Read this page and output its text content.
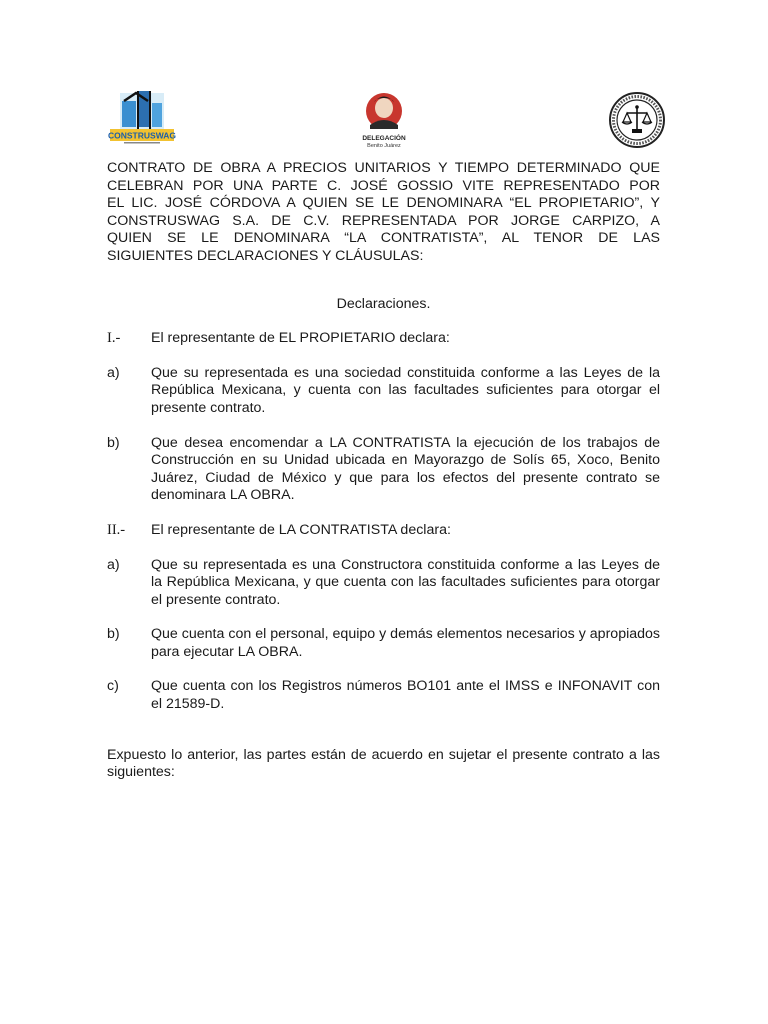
CONSTRUSWAG	DELEGACIÓN
Benito Juárez
CONTRATO DE OBRA A PRECIOS UNITARIOS Y TIEMPO DETERMINADO QUE
CELEBRAN POR UNA PARTE C. JOSÉ GOSSIO VITE REPRESENTADO POR
EL LIC. JOSÉ CÓRDOVA A QUIEN SE LE DENOMINARA “EL PROPIETARIO”, Y
CONSTRUSWAG S.A. DE C.V. REPRESENTADA POR JORGE CARPIZO, A
QUIEN SE LE DENOMINARA “LA CONTRATISTA”, AL TENOR DE LAS
SIGUIENTES DECLARACIONES Y CLÁUSULAS:
Declaraciones.
I.-	El representante de EL PROPIETARIO declara:
a)	Que su representada es una sociedad constituida conforme a las Leyes de la República Mexicana, y cuenta con las facultades suficientes para otorgar el presente contrato.
b)	Que desea encomendar a LA CONTRATISTA la ejecución de los trabajos de Construcción en su Unidad ubicada en Mayorazgo de Solís 65, Xoco, Benito Juárez, Ciudad de México y que para los efectos del presente contrato se denominara LA OBRA.
II.-	El representante de LA CONTRATISTA declara:
a)	Que su representada es una Constructora constituida conforme a las Leyes de la República Mexicana, y que cuenta con las facultades suficientes para otorgar el presente contrato.
b)	Que cuenta con el personal, equipo y demás elementos necesarios y apropiados para ejecutar LA OBRA.
c)	Que cuenta con los Registros números BO101 ante el IMSS e INFONAVIT con el 21589-D.
Expuesto lo anterior, las partes están de acuerdo en sujetar el presente contrato a las siguientes:
